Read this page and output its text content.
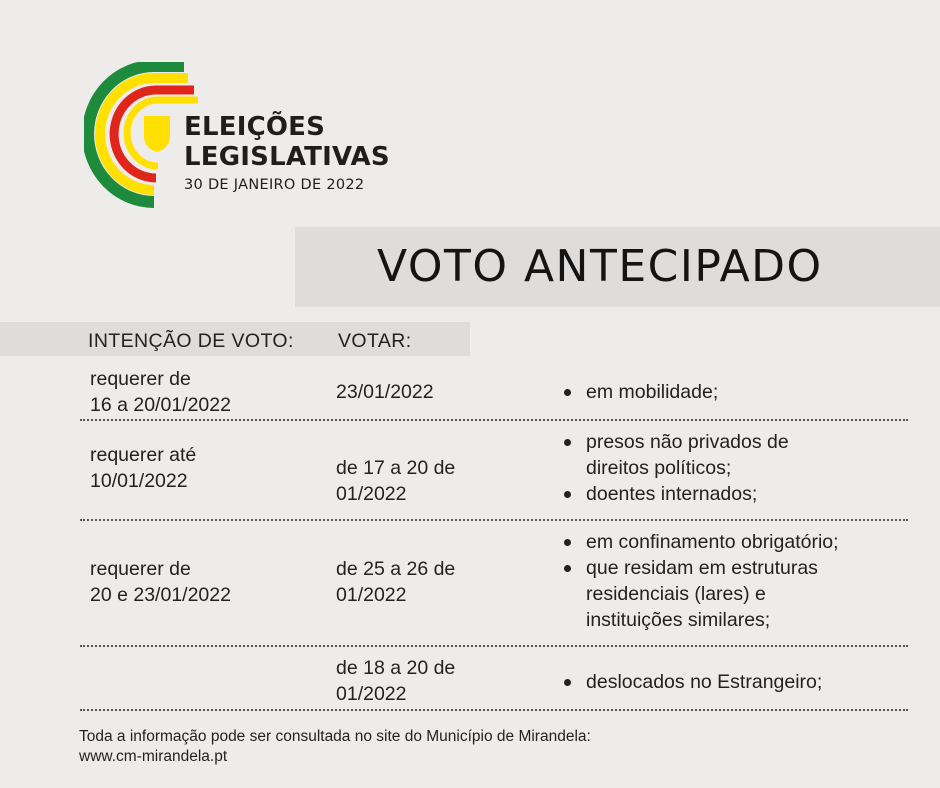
ELEIÇÕES
LEGISLATIVAS
30 DE JANEIRO DE 2022
VOTO ANTECIPADO
INTENÇÃO DE VOTO: VOTAR:
requerer de
16 a 20/01/2022
23/01/2022	em mobilidade;
requerer até
10/01/2022
de 17 a 20 de
01/2022
presos não privados de
direitos políticos;
doentes internados;
requerer de
20 e 23/01/2022
de 25 a 26 de
01/2022
em confinamento obrigatório;
que residam em estruturas
residenciais (lares) e
instituições similares;
de 18 a 20 de
01/2022
deslocados no Estrangeiro;
Toda a informação pode ser consultada no site do Município de Mirandela:
www.cm-mirandela.pt
